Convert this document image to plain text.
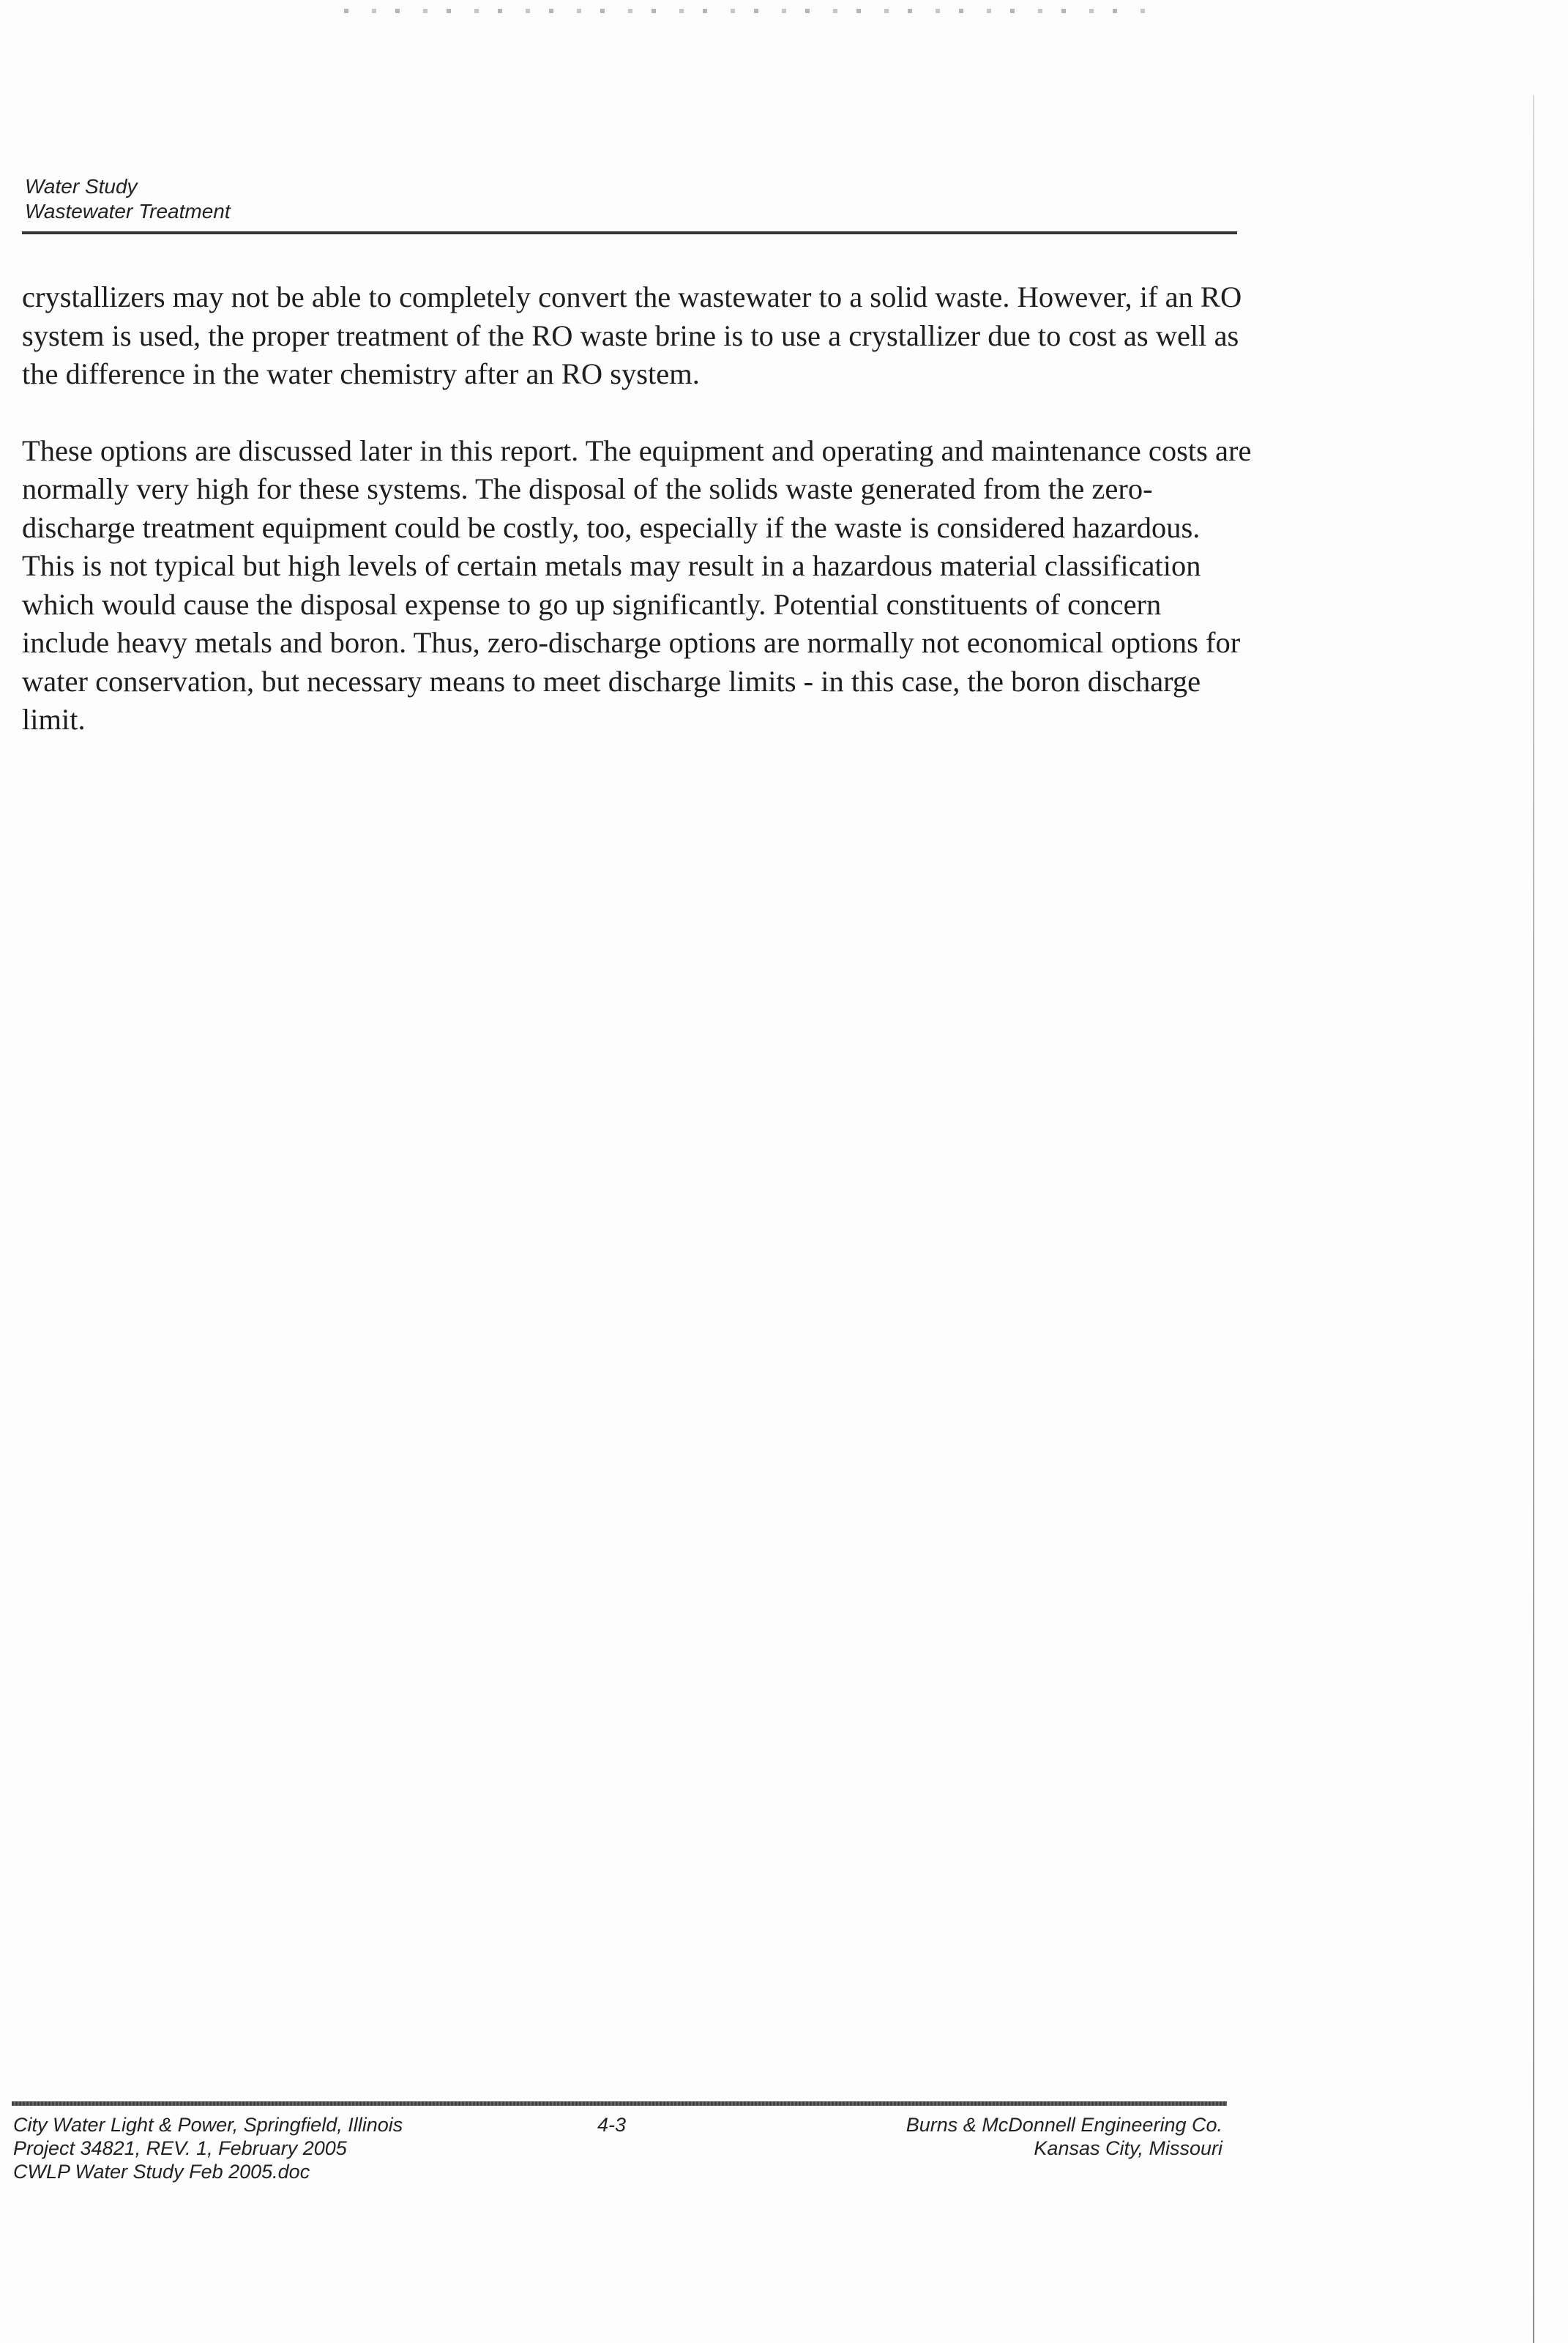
Water Study
Wastewater Treatment

crystallizers may not be able to completely convert the wastewater to a solid waste. However, if an RO system is used, the proper treatment of the RO waste brine is to use a crystallizer due to cost as well as the difference in the water chemistry after an RO system.

These options are discussed later in this report. The equipment and operating and maintenance costs are normally very high for these systems. The disposal of the solids waste generated from the zero-discharge treatment equipment could be costly, too, especially if the waste is considered hazardous. This is not typical but high levels of certain metals may result in a hazardous material classification which would cause the disposal expense to go up significantly. Potential constituents of concern include heavy metals and boron. Thus, zero-discharge options are normally not economical options for water conservation, but necessary means to meet discharge limits - in this case, the boron discharge limit.

City Water Light & Power, Springfield, Illinois
Project 34821, REV. 1, February 2005
CWLP Water Study Feb 2005.doc
4-3	Burns & McDonnell Engineering Co.
Kansas City, Missouri
